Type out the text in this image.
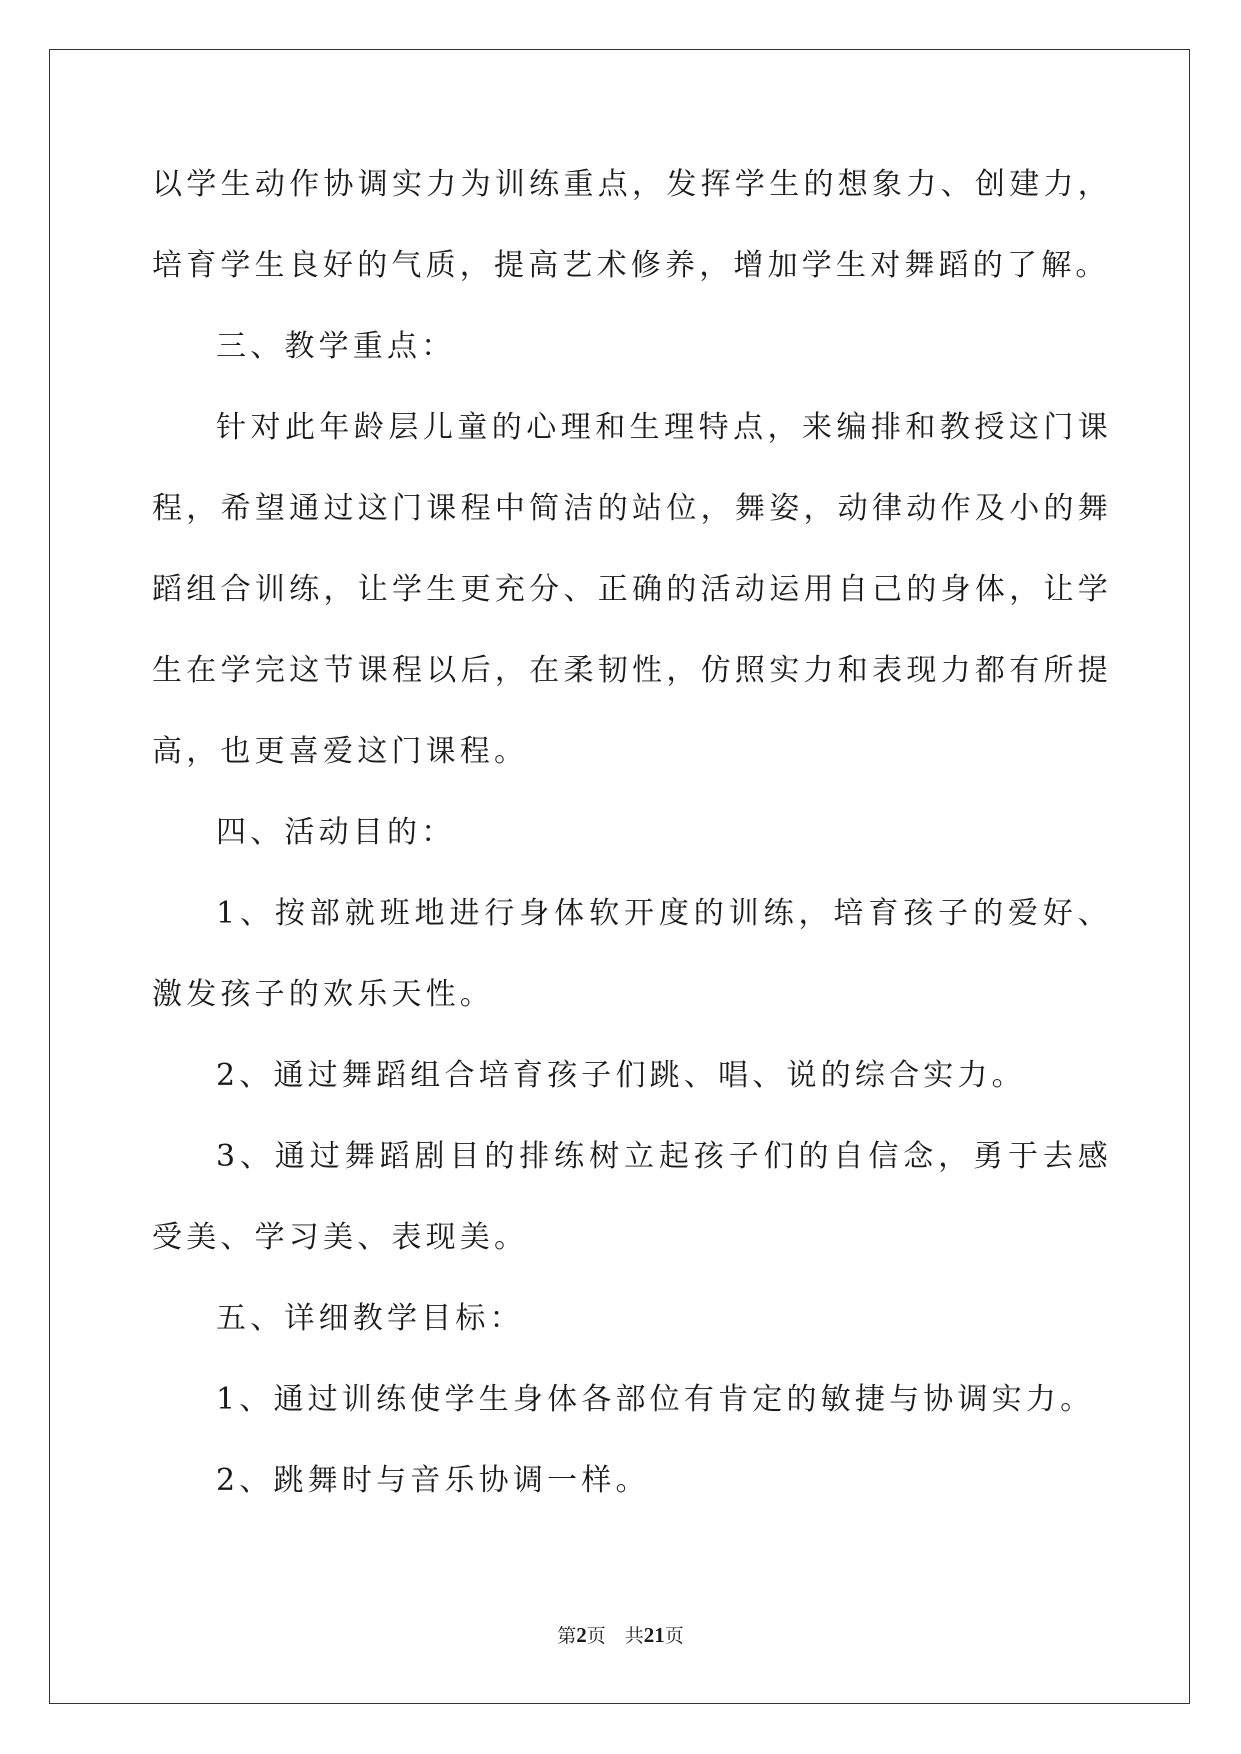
以学生动作协调实力为训练重点，发挥学生的想象力、创建力，培育学生良好的气质，提高艺术修养，增加学生对舞蹈的了解。

三、教学重点：

针对此年龄层儿童的心理和生理特点，来编排和教授这门课程，希望通过这门课程中简洁的站位，舞姿，动律动作及小的舞蹈组合训练，让学生更充分、正确的活动运用自己的身体，让学生在学完这节课程以后，在柔韧性，仿照实力和表现力都有所提高，也更喜爱这门课程。

四、活动目的：

1、按部就班地进行身体软开度的训练，培育孩子的爱好、激发孩子的欢乐天性。

2、通过舞蹈组合培育孩子们跳、唱、说的综合实力。

3、通过舞蹈剧目的排练树立起孩子们的自信念，勇于去感受美、学习美、表现美。

五、详细教学目标：

1、通过训练使学生身体各部位有肯定的敏捷与协调实力。

2、跳舞时与音乐协调一样。

第2页 共21页
